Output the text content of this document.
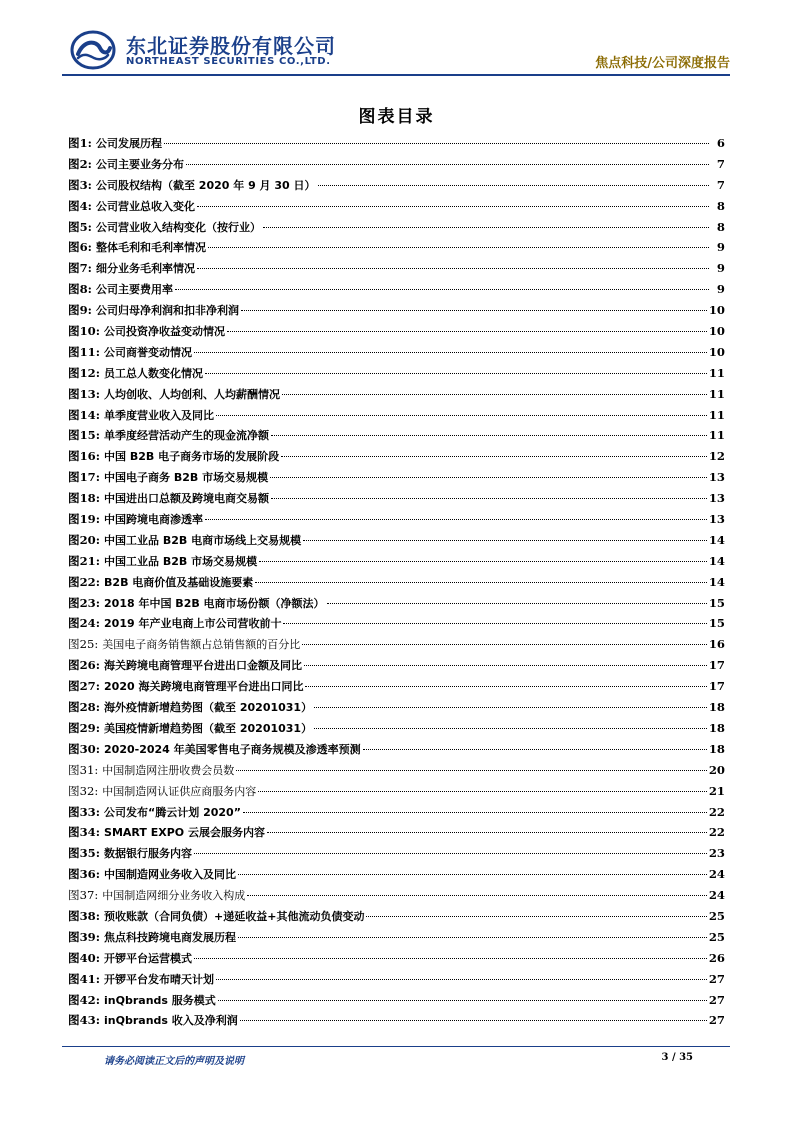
东北证券股份有限公司
NORTHEAST SECURITIES CO.,LTD.	焦点科技/公司深度报告
图表目录
图1: 公司发展历程	6
图2: 公司主要业务分布	7
图3: 公司股权结构（截至 2020 年 9 月 30 日）	7
图4: 公司营业总收入变化	8
图5: 公司营业收入结构变化（按行业）	8
图6: 整体毛利和毛利率情况	9
图7: 细分业务毛利率情况	9
图8: 公司主要费用率	9
图9: 公司归母净利润和扣非净利润	10
图10: 公司投资净收益变动情况	10
图11: 公司商誉变动情况	10
图12: 员工总人数变化情况	11
图13: 人均创收、人均创利、人均薪酬情况	11
图14: 单季度营业收入及同比	11
图15: 单季度经营活动产生的现金流净额	11
图16: 中国 B2B 电子商务市场的发展阶段	12
图17: 中国电子商务 B2B 市场交易规模	13
图18: 中国进出口总额及跨境电商交易额	13
图19: 中国跨境电商渗透率	13
图20: 中国工业品 B2B 电商市场线上交易规模	14
图21: 中国工业品 B2B 市场交易规模	14
图22: B2B 电商价值及基础设施要素	14
图23: 2018 年中国 B2B 电商市场份额（净额法）	15
图24: 2019 年产业电商上市公司营收前十	15
图25: 美国电子商务销售额占总销售额的百分比	16
图26: 海关跨境电商管理平台进出口金额及同比	17
图27: 2020 海关跨境电商管理平台进出口同比	17
图28: 海外疫情新增趋势图（截至 20201031）	18
图29: 美国疫情新增趋势图（截至 20201031）	18
图30: 2020-2024 年美国零售电子商务规模及渗透率预测	18
图31: 中国制造网注册收费会员数	20
图32: 中国制造网认证供应商服务内容	21
图33: 公司发布“腾云计划 2020”	22
图34: SMART EXPO 云展会服务内容	22
图35: 数据银行服务内容	23
图36: 中国制造网业务收入及同比	24
图37: 中国制造网细分业务收入构成	24
图38: 预收账款（合同负债）+递延收益+其他流动负债变动	25
图39: 焦点科技跨境电商发展历程	25
图40: 开锣平台运营模式	26
图41: 开锣平台发布晴天计划	27
图42: inQbrands 服务模式	27
图43: inQbrands 收入及净利润	27
请务必阅读正文后的声明及说明	3 / 35
